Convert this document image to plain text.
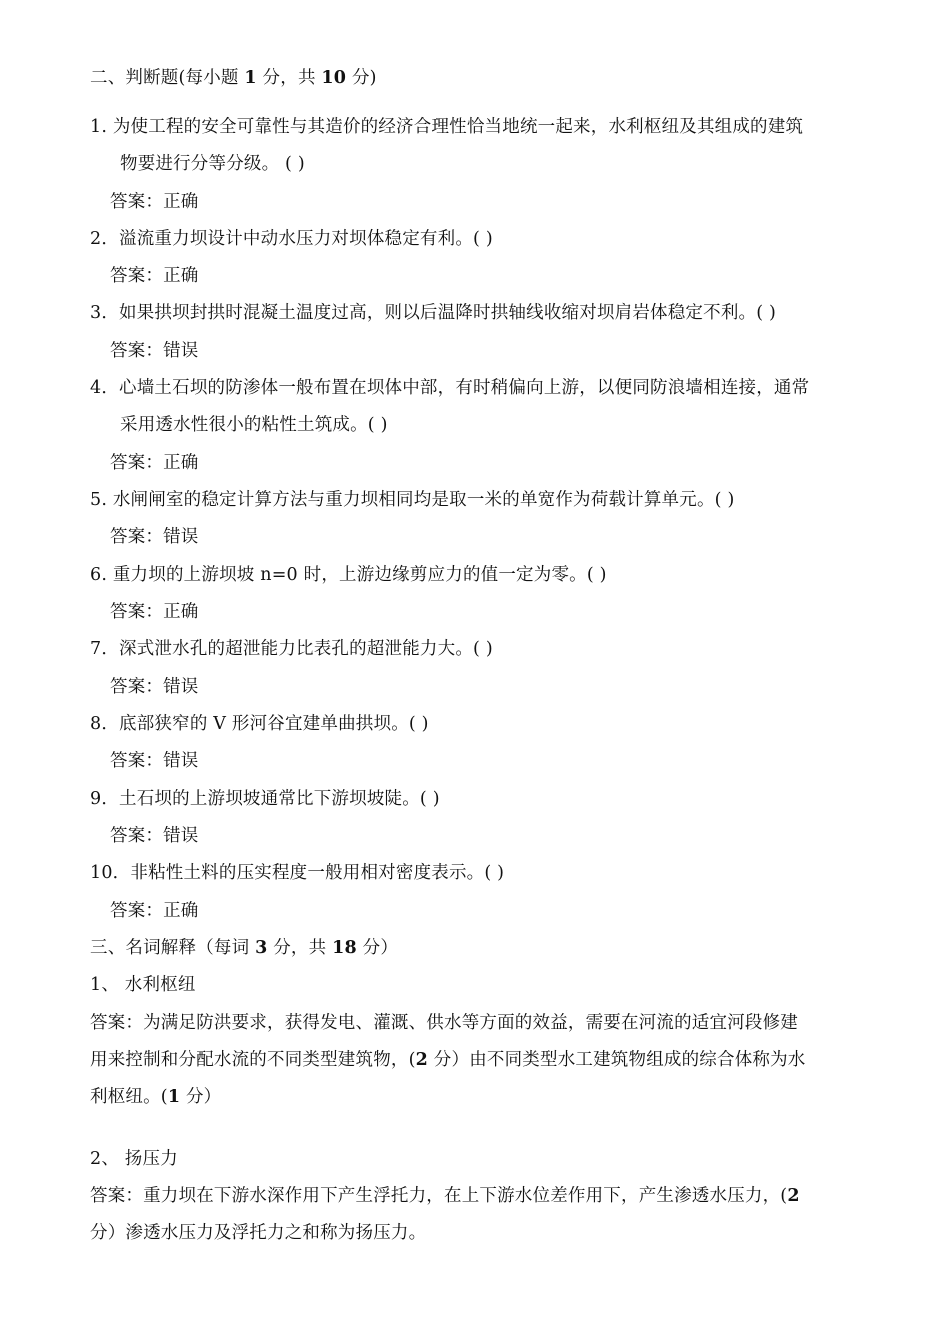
二、判断题(每小题 1 分，共 10 分)
1. 为使工程的安全可靠性与其造价的经济合理性恰当地统一起来，水利枢纽及其组成的建筑
物要进行分等分级。 ( )
答案：正确
2．溢流重力坝设计中动水压力对坝体稳定有利。( )
答案：正确
3．如果拱坝封拱时混凝土温度过高，则以后温降时拱轴线收缩对坝肩岩体稳定不利。( )
答案：错误
4．心墙土石坝的防渗体一般布置在坝体中部，有时稍偏向上游，以便同防浪墙相连接，通常
采用透水性很小的粘性土筑成。( )
答案：正确
5. 水闸闸室的稳定计算方法与重力坝相同均是取一米的单宽作为荷载计算单元。( )
答案：错误
6. 重力坝的上游坝坡 n=0 时，上游边缘剪应力的值一定为零。( )
答案：正确
7．深式泄水孔的超泄能力比表孔的超泄能力大。( )
答案：错误
8．底部狭窄的 V 形河谷宜建单曲拱坝。( )
答案：错误
9．土石坝的上游坝坡通常比下游坝坡陡。( )
答案：错误
10．非粘性土料的压实程度一般用相对密度表示。( )
答案：正确
三、名词解释（每词 3 分，共 18 分）
1、 水利枢纽
答案：为满足防洪要求，获得发电、灌溉、供水等方面的效益，需要在河流的适宜河段修建
用来控制和分配水流的不同类型建筑物，(2 分）由不同类型水工建筑物组成的综合体称为水
利枢纽。(1 分）
2、 扬压力
答案：重力坝在下游水深作用下产生浮托力，在上下游水位差作用下，产生渗透水压力，(2
分）渗透水压力及浮托力之和称为扬压力。
